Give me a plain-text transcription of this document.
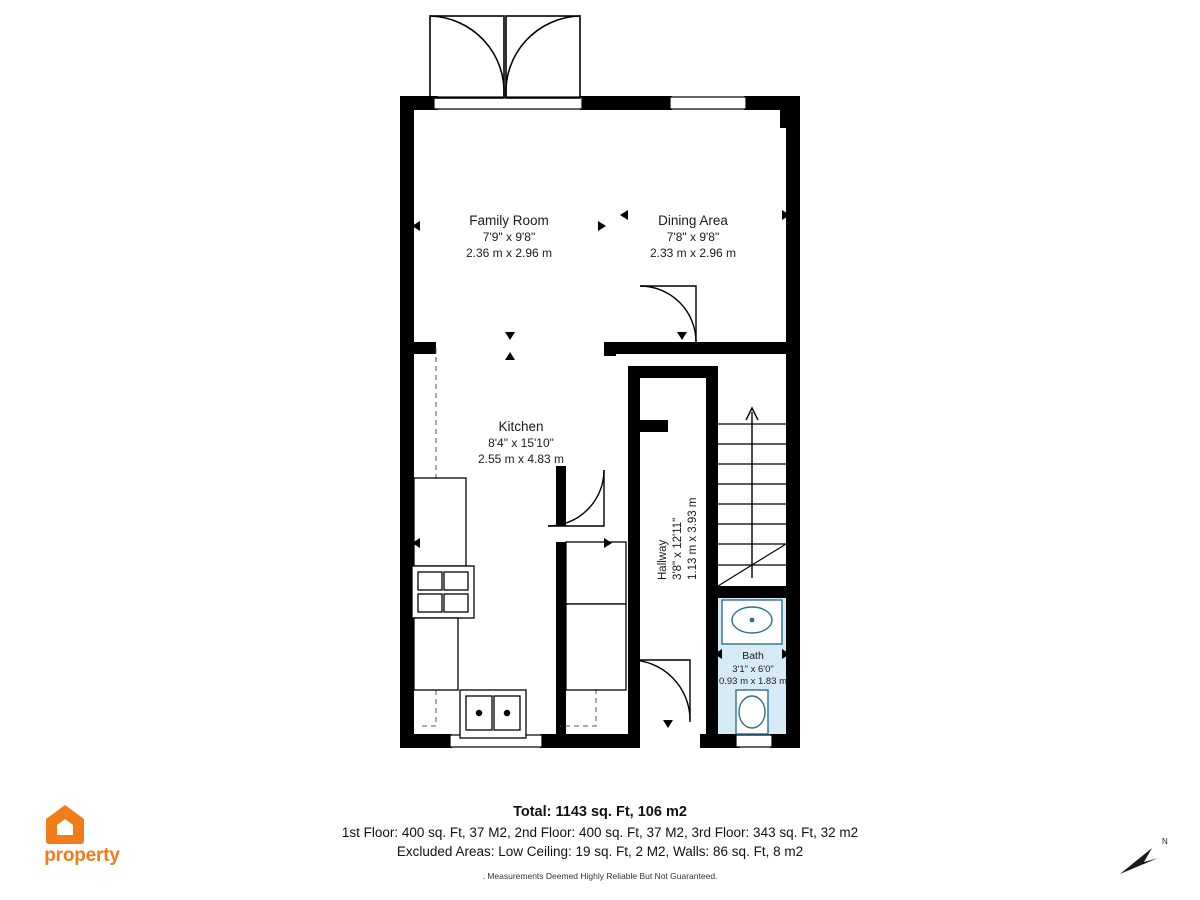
Family Room
7'9" x 9'8"
2.36 m x 2.96 m
Dining Area
7'8" x 9'8"
2.33 m x 2.96 m
Kitchen
8'4" x 15'10"
2.55 m x 4.83 m
Hallway 3'8" x 12'11" 1.13 m x 3.93 m
Bath
3'1" x 6'0"
0.93 m x 1.83 m
Total: 1143 sq. Ft, 106 m2
1st Floor: 400 sq. Ft, 37 M2, 2nd Floor: 400 sq. Ft, 37 M2, 3rd Floor: 343 sq. Ft, 32 m2
Excluded Areas: Low Ceiling: 19 sq. Ft, 2 M2, Walls: 86 sq. Ft, 8 m2
. Measurements Deemed Highly Reliable But Not Guaranteed.
property
N
